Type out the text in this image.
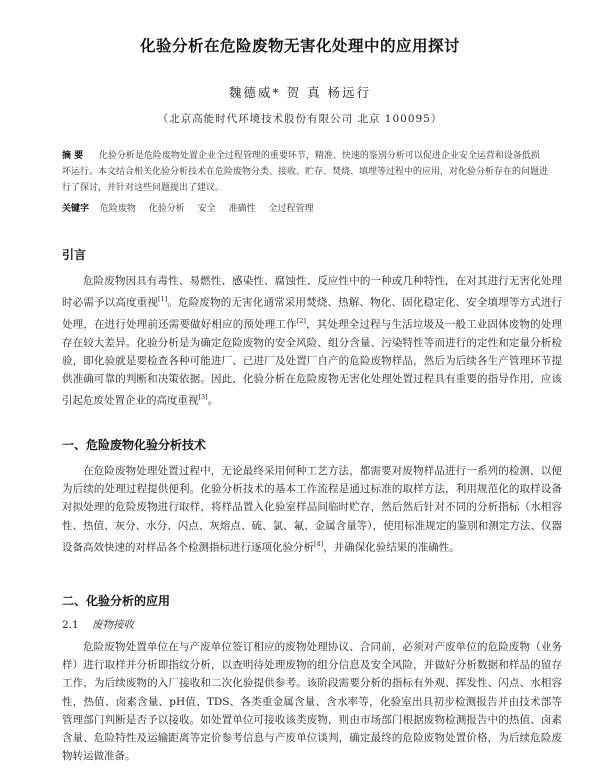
化验分析在危险废物无害化处理中的应用探讨
魏德威* 贺 真 杨远行
（北京高能时代环境技术股份有限公司 北京 100095）
摘 要 化验分析是危险废物处置企业全过程管理的重要环节，精准、快速的鉴别分析可以促进企业安全运营和设备低损坏运行。本文结合相关化验分析技术在危险废物分类、接收、贮存、焚烧、填埋等过程中的应用，对化验分析存在的问题进行了探讨，并针对这些问题提出了建议。
关键字 危险废物 化验分析 安全 准确性 全过程管理
引言
危险废物因具有毒性、易燃性、感染性、腐蚀性、反应性中的一种或几种特性，在对其进行无害化处理时必需予以高度重视[1]。危险废物的无害化通常采用焚烧、热解、物化、固化稳定化、安全填埋等方式进行处理，在进行处理前还需要做好相应的预处理工作[2]，其处理全过程与生活垃圾及一般工业固体废物的处理存在较大差异。化验分析是为确定危险废物的安全风险、组分含量、污染特性等而进行的定性和定量分析检验，即化验就是要检查各种可能进厂、已进厂及处置厂自产的危险废物样品，然后为后续各生产管理环节提供准确可靠的判断和决策依据。因此，化验分析在危险废物无害化处理处置过程具有重要的指导作用，应该引起危废处置企业的高度重视[3]。
一、危险废物化验分析技术
在危险废物处理处置过程中，无论最终采用何种工艺方法，都需要对废物样品进行一系列的检测，以便为后续的处理过程提供便利。化验分析技术的基本工作流程是通过标准的取样方法，利用规范化的取样设备对拟处理的危险废物进行取样，将样品置入化验室样品间临时贮存，然后然后针对不同的分析指标（水相容性、热值、灰分、水分、闪点、灰熔点、硫、氯、氟、金属含量等），使用标准规定的鉴别和测定方法、仪器设备高效快速的对样品各个检测指标进行逐项化验分析[4]，并确保化验结果的准确性。
二、化验分析的应用
2.1 废物接收
危险废物处置单位在与产废单位签订相应的废物处理协议、合同前，必须对产废单位的危险废物（业务样）进行取样并分析即指纹分析，以查明待处理废物的组分信息及安全风险，并做好分析数据和样品的留存工作，为后续废物的入厂接收和二次化验提供参考。该阶段需要分析的指标有外观、挥发性、闪点、水相容性，热值、卤素含量、pH值、TDS、各类重金属含量、含水率等，化验室出具初步检测报告并由技术部等管理部门判断是否予以接收。如处置单位可接收该类废物，则由市场部门根据废物检测报告中的热值、卤素含量、危险特性及运输距离等定价参考信息与产废单位谈判，确定最终的危险废物处置价格，为后续危险废物转运做准备。
